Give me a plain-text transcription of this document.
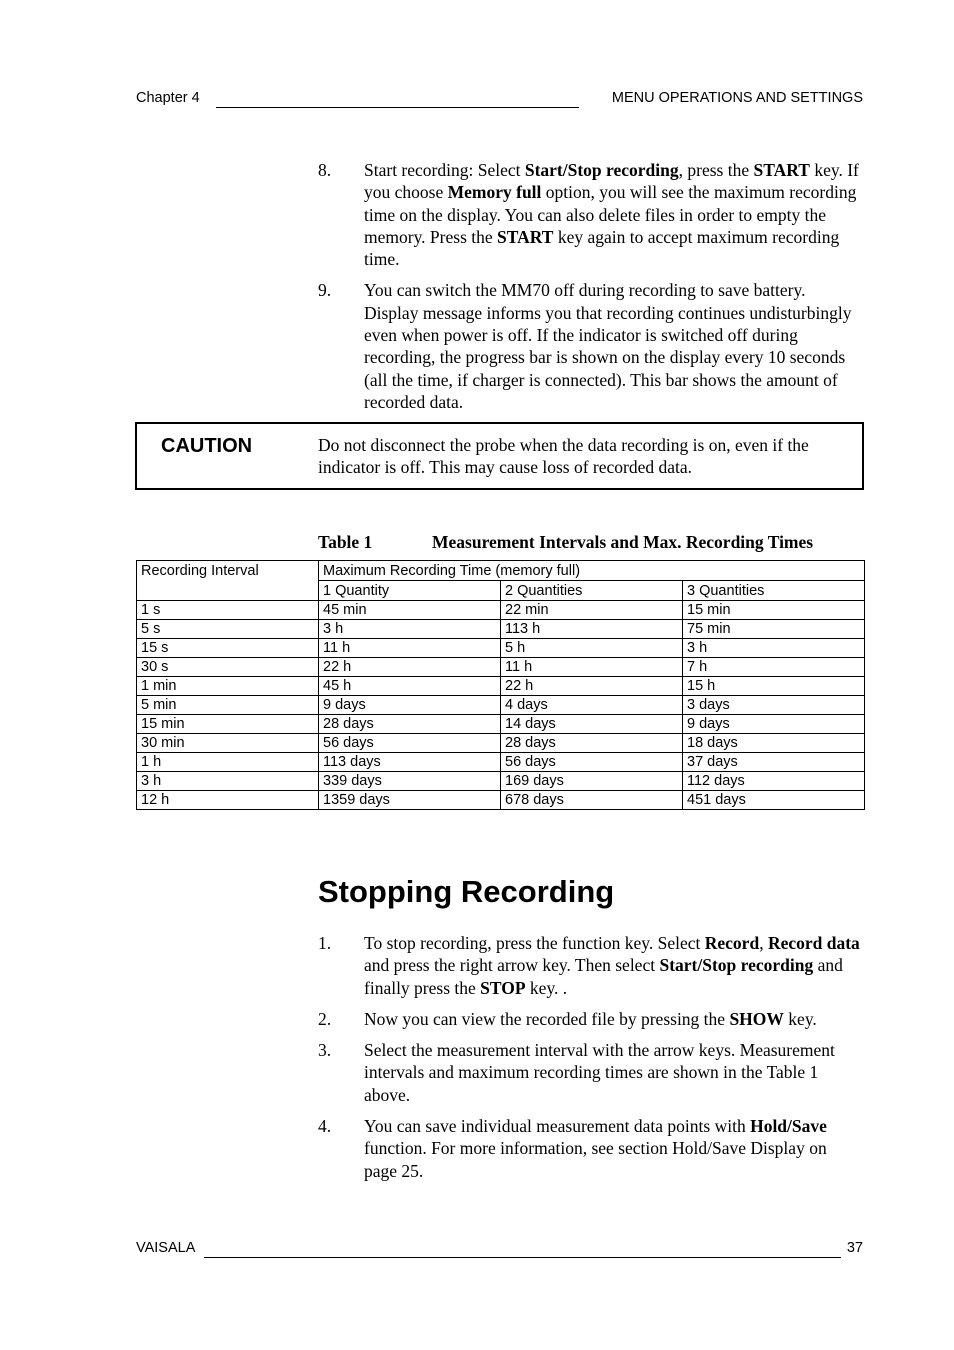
Chapter 4	MENU OPERATIONS AND SETTINGS
8. Start recording: Select Start/Stop recording, press the START key. If you choose Memory full option, you will see the maximum recording time on the display. You can also delete files in order to empty the memory. Press the START key again to accept maximum recording time.
9. You can switch the MM70 off during recording to save battery. Display message informs you that recording continues undisturbingly even when power is off. If the indicator is switched off during recording, the progress bar is shown on the display every 10 seconds (all the time, if charger is connected). This bar shows the amount of recorded data.
CAUTION	Do not disconnect the probe when the data recording is on, even if the indicator is off. This may cause loss of recorded data.
Table 1	Measurement Intervals and Max. Recording Times
Recording Interval	Maximum Recording Time (memory full)		
	1 Quantity	2 Quantities	3 Quantities
1 s	45 min	22 min	15 min
5 s	3 h	113 h	75 min
15 s	11 h	5 h	3 h
30 s	22 h	11 h	7 h
1 min	45 h	22 h	15 h
5 min	9 days	4 days	3 days
15 min	28 days	14 days	9 days
30 min	56 days	28 days	18 days
1 h	113 days	56 days	37 days
3 h	339 days	169 days	112 days
12 h	1359 days	678 days	451 days
Stopping Recording
1. To stop recording, press the function key. Select Record, Record data and press the right arrow key. Then select Start/Stop recording and finally press the STOP key. .
2. Now you can view the recorded file by pressing the SHOW key.
3. Select the measurement interval with the arrow keys. Measurement intervals and maximum recording times are shown in the Table 1 above.
4. You can save individual measurement data points with Hold/Save function. For more information, see section Hold/Save Display on page 25.
VAISALA	37
